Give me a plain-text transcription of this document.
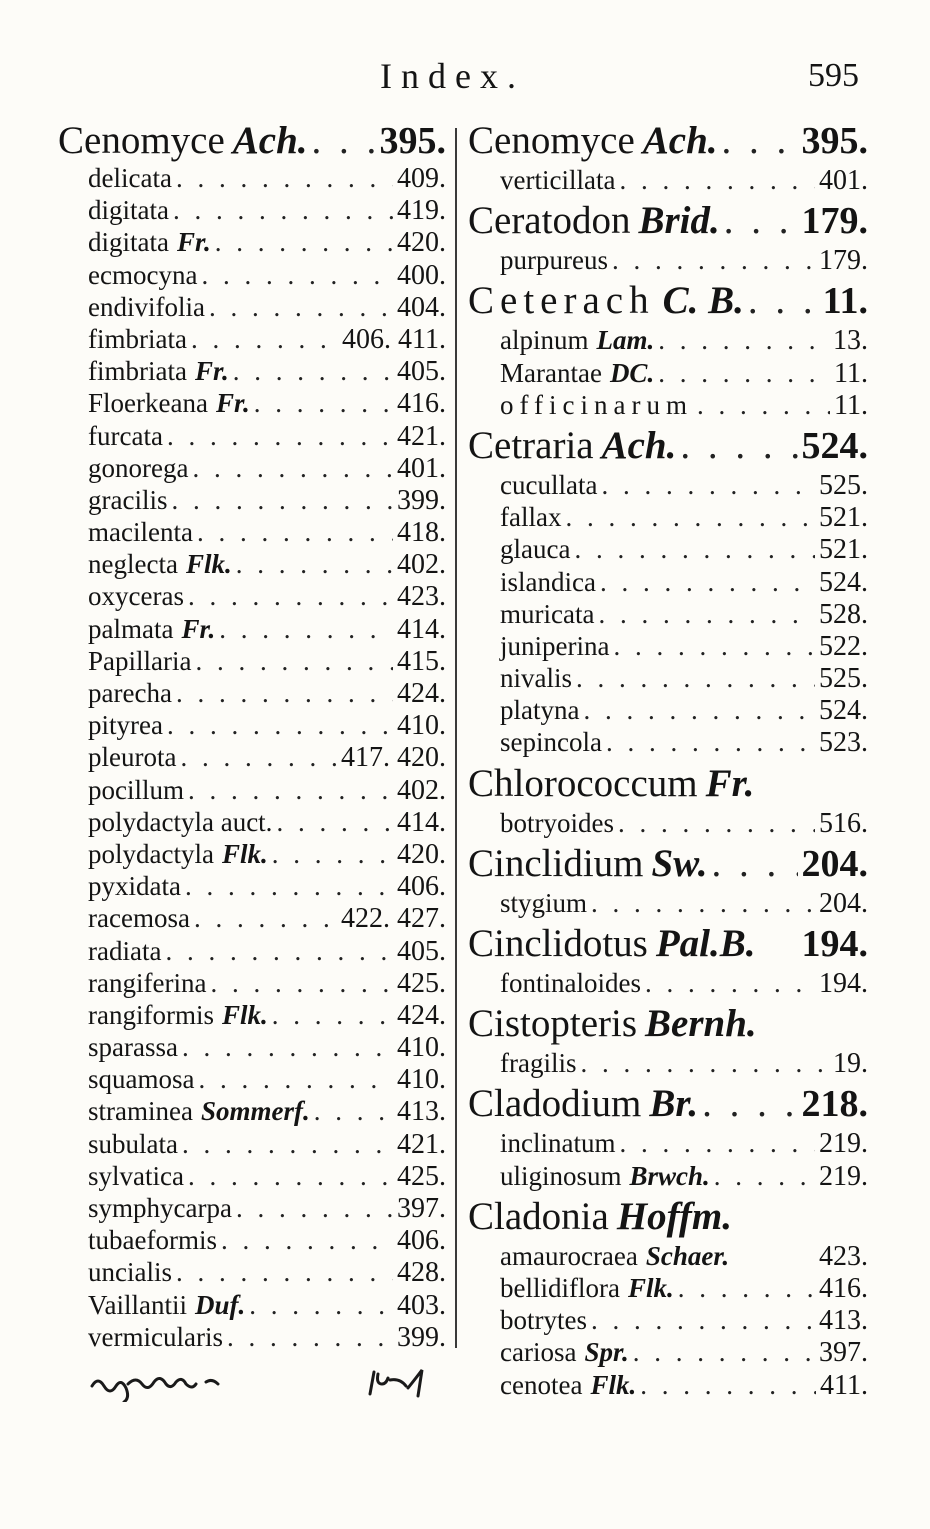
Index.	595
Cenomyce Ach. . . . 395.
delicata . . .	409.
digitata . . .	419.
digitata Fr. . . .	420.
ecmocyna . . .	400.
endivifolia . . .	404.
fimbriata . . .	406. 411.
fimbriata Fr. . . .	405.
Floerkeana Fr. . . .	416.
furcata . . .	421.
gonorega . . .	401.
gracilis . . .	399.
macilenta . . .	418.
neglecta Flk. . . .	402.
oxyceras . . .	423.
palmata Fr. . . .	414.
Papillaria . . .	415.
parecha . . .	424.
pityrea . . .	410.
pleurota . . .	417. 420.
pocillum . . .	402.
polydactyla auct. . . .	414.
polydactyla Flk. . . .	420.
pyxidata . . .	406.
racemosa . . .	422. 427.
radiata . . .	405.
rangiferina . . .	425.
rangiformis Flk. . . .	424.
sparassa . . .	410.
squamosa . . .	410.
straminea Sommerf. . . .	413.
subulata . . .	421.
sylvatica . . .	425.
symphycarpa . . .	397.
tubaeformis . . .	406.
uncialis . . .	428.
Vaillantii Duf. . . .	403.
vermicularis . . .	399.
Cenomyce Ach. . . . 395.
verticillata . . .	401.
Ceratodon Brid. . . . 179.
purpureus . . .	179.
Ceterach C. B. . . . 11.
alpinum Lam. . . .	13.
Marantae DC. . . .	11.
officinarum . . .	11.
Cetraria Ach. . . .	524.
cucullata . . .	525.
fallax . . .	521.
glauca . . .	521.
islandica . . .	524.
muricata . . .	528.
juniperina . . .	522.
nivalis . . .	525.
platyna . . .	524.
sepincola . . .	523.
Chlorococcum Fr.
botryoides . . .	516.
Cinclidium Sw. . . . 204.
stygium . . .	204.
Cinclidotus Pal.B. 194.
fontinaloides . . .	194.
Cistopteris Bernh.
fragilis . . .	19.
Cladodium Br. . . .	218.
inclinatum . . .	219.
uliginosum Brwch. . . .	219.
Cladonia Hoffm.
amaurocraea Schaer.	423.
bellidiflora Flk. . . .	416.
botrytes . . .	413.
cariosa Spr. . . .	397.
cenotea Flk. . . .	411.
